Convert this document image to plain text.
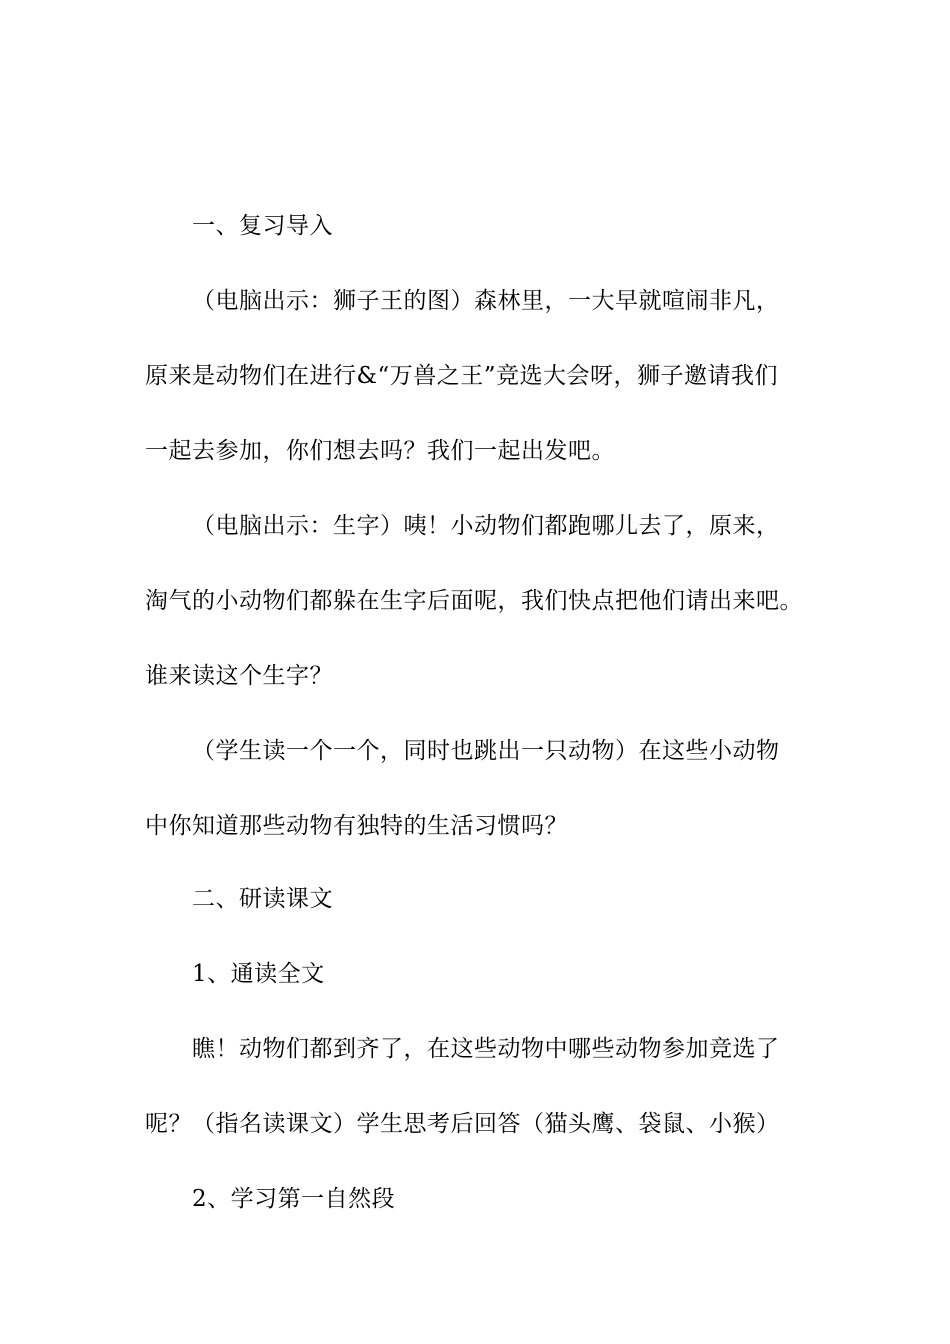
一、复习导入
（电脑出示：狮子王的图）森林里，一大早就喧闹非凡，
原来是动物们在进行&“万兽之王”竞选大会呀，狮子邀请我们
一起去参加，你们想去吗？我们一起出发吧。
（电脑出示：生字）咦！小动物们都跑哪儿去了，原来，
淘气的小动物们都躲在生字后面呢，我们快点把他们请出来吧。
谁来读这个生字？
（学生读一个一个，同时也跳出一只动物）在这些小动物
中你知道那些动物有独特的生活习惯吗？
二、研读课文
1、通读全文
瞧！动物们都到齐了，在这些动物中哪些动物参加竞选了
呢？（指名读课文）学生思考后回答（猫头鹰、袋鼠、小猴）
2、学习第一自然段
